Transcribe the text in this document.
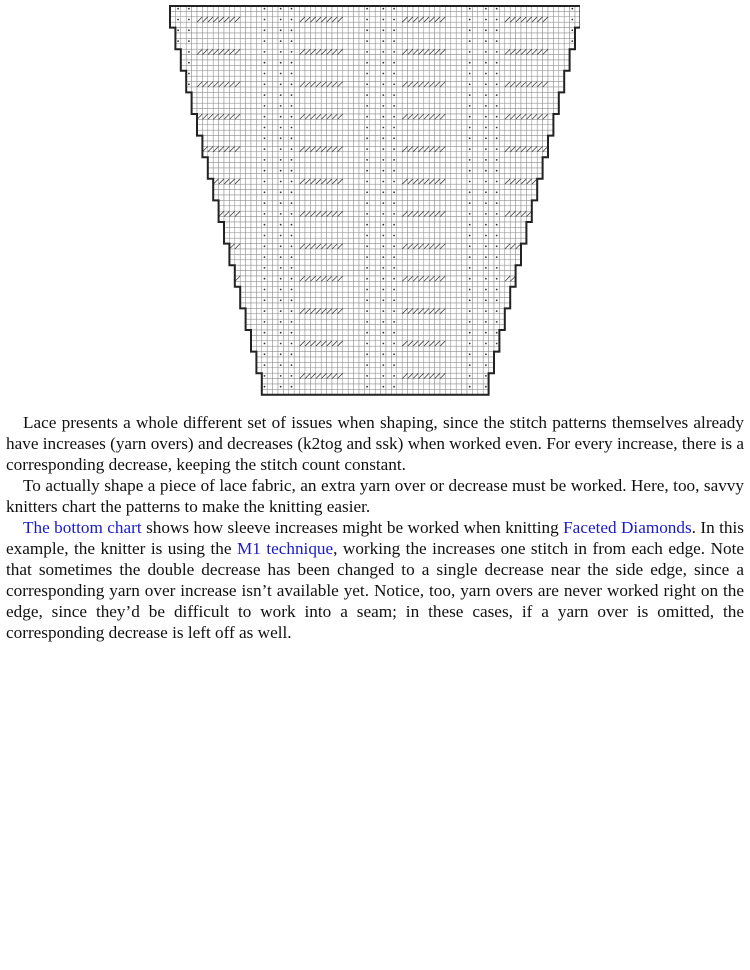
Lace presents a whole different set of issues when shaping, since the stitch patterns themselves already have increases (yarn overs) and decreases (k2tog and ssk) when worked even. For every increase, there is a corresponding decrease, keeping the stitch count constant.

To actually shape a piece of lace fabric, an extra yarn over or decrease must be worked. Here, too, savvy knitters chart the patterns to make the knitting easier.

The bottom chart shows how sleeve increases might be worked when knitting Faceted Diamonds. In this example, the knitter is using the M1 technique, working the increases one stitch in from each edge. Note that sometimes the double decrease has been changed to a single decrease near the side edge, since a corresponding yarn over increase isn’t available yet. Notice, too, yarn overs are never worked right on the edge, since they’d be difficult to work into a seam; in these cases, if a yarn over is omitted, the corresponding decrease is left off as well.
